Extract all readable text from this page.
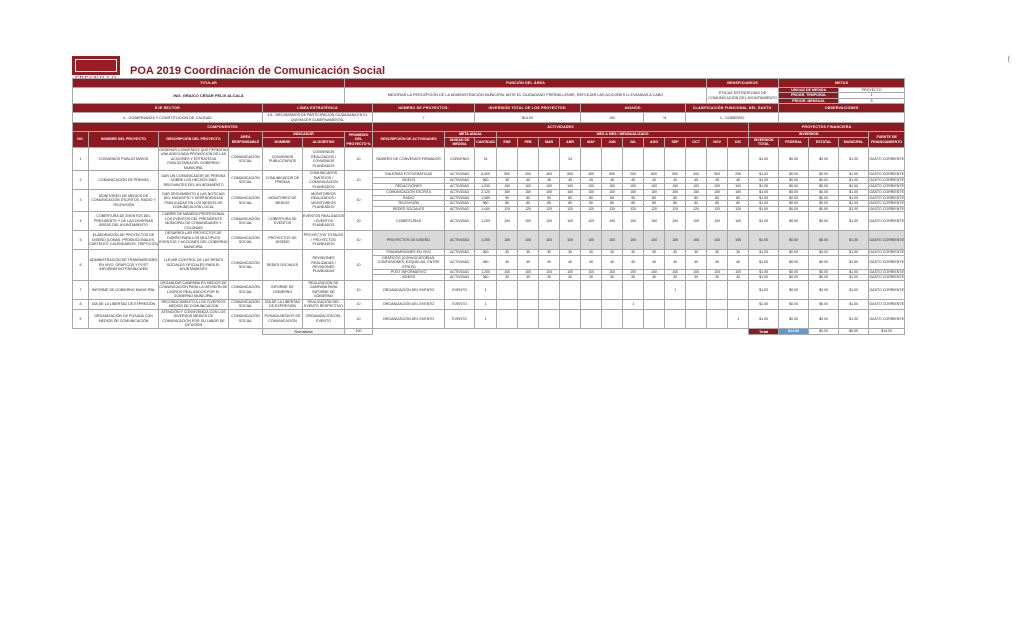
POA 2019 Coordinación de Comunicación Social
(
TITULAR						FUNCIÓN DEL ÁREA														BENEFICIARIOS			METAS				
ING. GRAICO CÉSAR FÉLIX ALCALÁ						MEJORAR LA PERCEPCIÓN DE LA ADMINISTRACIÓN MUNICIPAL ANTE EL CIUDADANO FRESNILLENSE, REFLEJAR LAS ACCIONES LLEVANDAS A CABO														EFICAZ ESTRATEGIAS DE COMUNICACIÓN DEL AYUNTAMIENTO			UNIDAD DE MEDIDA		PROYECTO		
																							PROGR. TEMPORAL		1		
																							PROGR. MENSUAL		5		
EJE RECTOR				LÍNEA ESTRATÉGICA			NÚMERO DE PROYECTOS:		INVERSIÓN TOTAL DE LOS PROYECTOS:					AVANCE:					CLASIFICACIÓN FUNCIONAL DEL GASTO				OBSERVACIONES				
4.- GOBERNANZA Y CONSTITUCIÓN DE CALIDAD				4.5.- MECANISMOS DE PARTICIPACIÓN CIUDADANA EN EL QUEHACER GUBERNAMENTAL			7		$14.00					100			%		1.- GOBIERNO								
COMPONENTES							ACTIVIDADES															PROYECTOS FINANCIERA					
NO.	NOMBRE DEL PROYECTO	DESCRIPCIÓN DEL PROYECTO	ÁREA RESPONSABLE	INDICADOR		PROMEDIO DEL PROYECTO %	DESCRIPCIÓN DE ACTIVIDADES	META ANUAL		MES A MES / MENSUALIZADO												INVERSIÓN				FUENTE DE FINANCIAMIENTO	
				NOMBRE	ALGORITMO			UNIDAD DE MEDIDA	CANTIDAD	ENE	FEB	MAR	ABR	MAY	JUN	JUL	AGO	SEP	OCT	NOV	DIC	INVERSIÓN TOTAL	FEDERAL	ESTATAL	MUNICIPAL		
1	CONVENIOS PUBLICITARIOS	GENERAR CONVENIOS QUE PERMITAN UNA ADECUADA PROMOCIÓN DE LAS ACCIONES Y ESTRATEGIA PUBLICITARIA DEL GOBIERNO MUNICIPAL	COMUNICACIÓN SOCIAL	CONVENIOS PUBLICITARIOS	CONVENIOS REALIZADOS / CONVENIOS PLANEADOS	10	NÚMERO DE CONVENIOS FIRMADOS	CONVENIO	24				24									$1.00	$0.00	$0.00	$1.00	GASTO CORRIENTE	
2	COMUNICACIÓN DE PRENSA	DAR UN COMUNICADOR DE PRENSA SOBRE LOS HECHOS MÁS RELEVANTES DEL AYUNTAMIENTO	COMUNICACIÓN SOCIAL	COMUNICADOR DE PRENSA	COMUNICADOS EMITIDOS / COMUNICACIÓN PLANEADOS	10	GALERÍAS FOTOGRÁFICAS	ACTIVIDAD	6,000	900	200	400	500	400	500	200	600	500	400	500	200	$1.00	$0.00	$0.00	$1.00	GASTO CORRIENTE	
							VIDEOS	ACTIVIDAD	560	45	40	45	45	45	45	45	40	42	45	45	46	$1.00	$0.00	$0.00	$1.00	GASTO CORRIENTE	
							REDACCIONES	ACTIVIDAD	1,200	100	100	100	100	100	100	100	100	100	100	100	100	$1.00	$0.00	$0.00	$1.00	GASTO CORRIENTE	
3	MONITOREO DE MEDIOS DE COMUNICACIÓN ESCRITOS, RADIO Y TELEVISIÓN	DAR SEGUIMIENTO A LAS NOTICIAS DEL MUNICIPIO Y DEPENDENCIAS PUBLICADAS EN LOS MEDIOS DE COMUNICACIÓN LOCAL	COMUNICACIÓN SOCIAL	MONITOREO DE MEDIOS	MONITOREOS REALIZADOS / MONITOREOS PLANEADOS	10	COMUNICACIÓN ESCRITA	ACTIVIDAD	2,120	150	150	150	150	150	150	150	150	150	150	150	150	$1.00	$0.00	$0.00	$1.00	GASTO CORRIENTE	
							RADIO	ACTIVIDAD	1,080	90	80	90	80	80	80	90	80	80	80	80	80	$1.00	$0.00	$0.00	$1.00	GASTO CORRIENTE	
							TELEVISIÓN	ACTIVIDAD	960	80	80	80	80	80	80	80	80	80	80	80	80	$1.00	$0.00	$0.00	$1.00	GASTO CORRIENTE	
							REDES SOCIALES	ACTIVIDAD	1,440	120	120	120	120	120	120	120	120	120	120	120	120	$1.00	$0.00	$0.00	$1.00	GASTO CORRIENTE	
4	COBERTURA DE EVENTOS DEL PRESIDENTE Y DE LAS DIVERSAS ÁREAS DEL AYUNTAMIENTO	CUBRIR DE MANERA PROFESIONAL LOS EVENTOS DEL PRESIDENTE MUNICIPAL DE COMUNIDADES Y COLONIAS	COMUNICACIÓN SOCIAL	COBERTURA DE EVENTOS	EVENTOS REALIZADOS / EVENTOS PLANEADOS	20	COBERTURAS	ACTIVIDAD	1,200	100	100	100	100	100	100	100	100	100	100	100	100	$1.00	$0.00	$0.00	$1.00	GASTO CORRIENTE	
5	ELABORACIÓN DE PROYECTOS DE DISEÑO (LONAS, PROMOCIONALES, CARTELES, CALENDARIOS, TRÍPTICOS)	DESARROLLAR PROYECTOS DE DISEÑO PARA LOS MÚLTIPLES EVENTOS Y ACCIONES DEL GOBIERNO MUNICIPAL	COMUNICACIÓN SOCIAL	PROYECTOS DE DISEÑO	PROYECTOS TOTALES / PROYECTOS PLANEADOS	10	PROYECTOS DE DISEÑO	ACTIVIDAD	1,200	100	100	100	100	100	100	100	100	100	100	100	100	$1.00	$0.00	$0.00	$1.00	GASTO CORRIENTE	
6	ADMINISTRACIÓN DE TRANSMISIONES EN VIVO, GRÁFICOS Y POST INFORMATIVO PÁGINA WEB	LLEVAR CONTROL DE LAS REDES SOCIALES OFICIALES PARA EL AYUNTAMIENTO	COMUNICACIÓN SOCIAL	REDES SOCIALES	REVISIONES REALIZADAS / REVISIONES PLANEADAS	10	TRANSMISIONES EN VIVO	ACTIVIDAD	360	30	30	30	30	30	30	30	30	30	30	30	30	$1.00	$0.00	$0.00	$1.00	GASTO CORRIENTE	
							GRÁFICOS (CONVOCATORIAS, CONFUSIONES, ESQUELAS, ENTRE OTROS)	ACTIVIDAD	480	40	40	40	40	40	40	40	40	40	40	40	40	$1.00	$0.00	$0.00	$1.00	GASTO CORRIENTE	
							POST INFORMATIVO	ACTIVIDAD	1,200	100	100	100	100	100	100	100	100	100	100	100	100	$1.00	$0.00	$0.00	$1.00	GASTO CORRIENTE	
							VIDEOS	ACTIVIDAD	360	30	30	30	30	30	30	30	30	30	30	30	30	$1.00	$0.00	$0.00	$1.00	GASTO CORRIENTE	
7	INFORME DE GOBIERNO MUNICIPAL	ORGANIZAR CAMPAÑA ES MEDIOS DE COMUNICACIÓN PARA LA DIFUSIÓN DE LOGROS REALIZADOS POR EL GOBIERNO MUNICIPAL	COMUNICACIÓN SOCIAL	INFORME DE GOBIERNO	REALIZACIÓN DE CAMPAÑA PARA INFORME DE GOBIERNO	10	ORGANIZACIÓN DEL EVENTO	EVENTO	1									1				$1.00	$0.00	$0.00	$1.00	GASTO CORRIENTE	
8	DÍA DE LA LIBERTAD DE EXPRESIÓN	RECONOCIMIENTO A LOS CIVERSOS MEDIOS DE COMUNICACIÓN	COMUNICACIÓN SOCIAL	DÍA DE LA LIBERTAD DE EXPRESIÓN	REALIZACIÓN DEL EVENTO RESPECTIVO	10	ORGANIZACIÓN DEL EVENTO	EVENTO	1							1						$1.00	$0.00	$0.00	$1.00	GASTO CORRIENTE	
9	ORGANIZACIÓN DE POSADA CON MEDIOS DE COMUNICACIÓN	ATENCIÓN Y CONVIVENCIA CON LOS DIVERSOS MEDIOS DE COMUNICACIÓN POR SU LABOR DE DIFUSIÓN	COMUNICACIÓN SOCIAL	POSADA MEDIOS DE COMUNICACIÓN	ORGANIZACIÓN DEL EVENTO	10	ORGANIZACIÓN DEL EVENTO	EVENTO	1												1	$1.00	$0.00	$0.00	$1.00	GASTO CORRIENTE	
				Sumatoria		100																Total	$14.00	$0.00	$0.00	$14.00	
